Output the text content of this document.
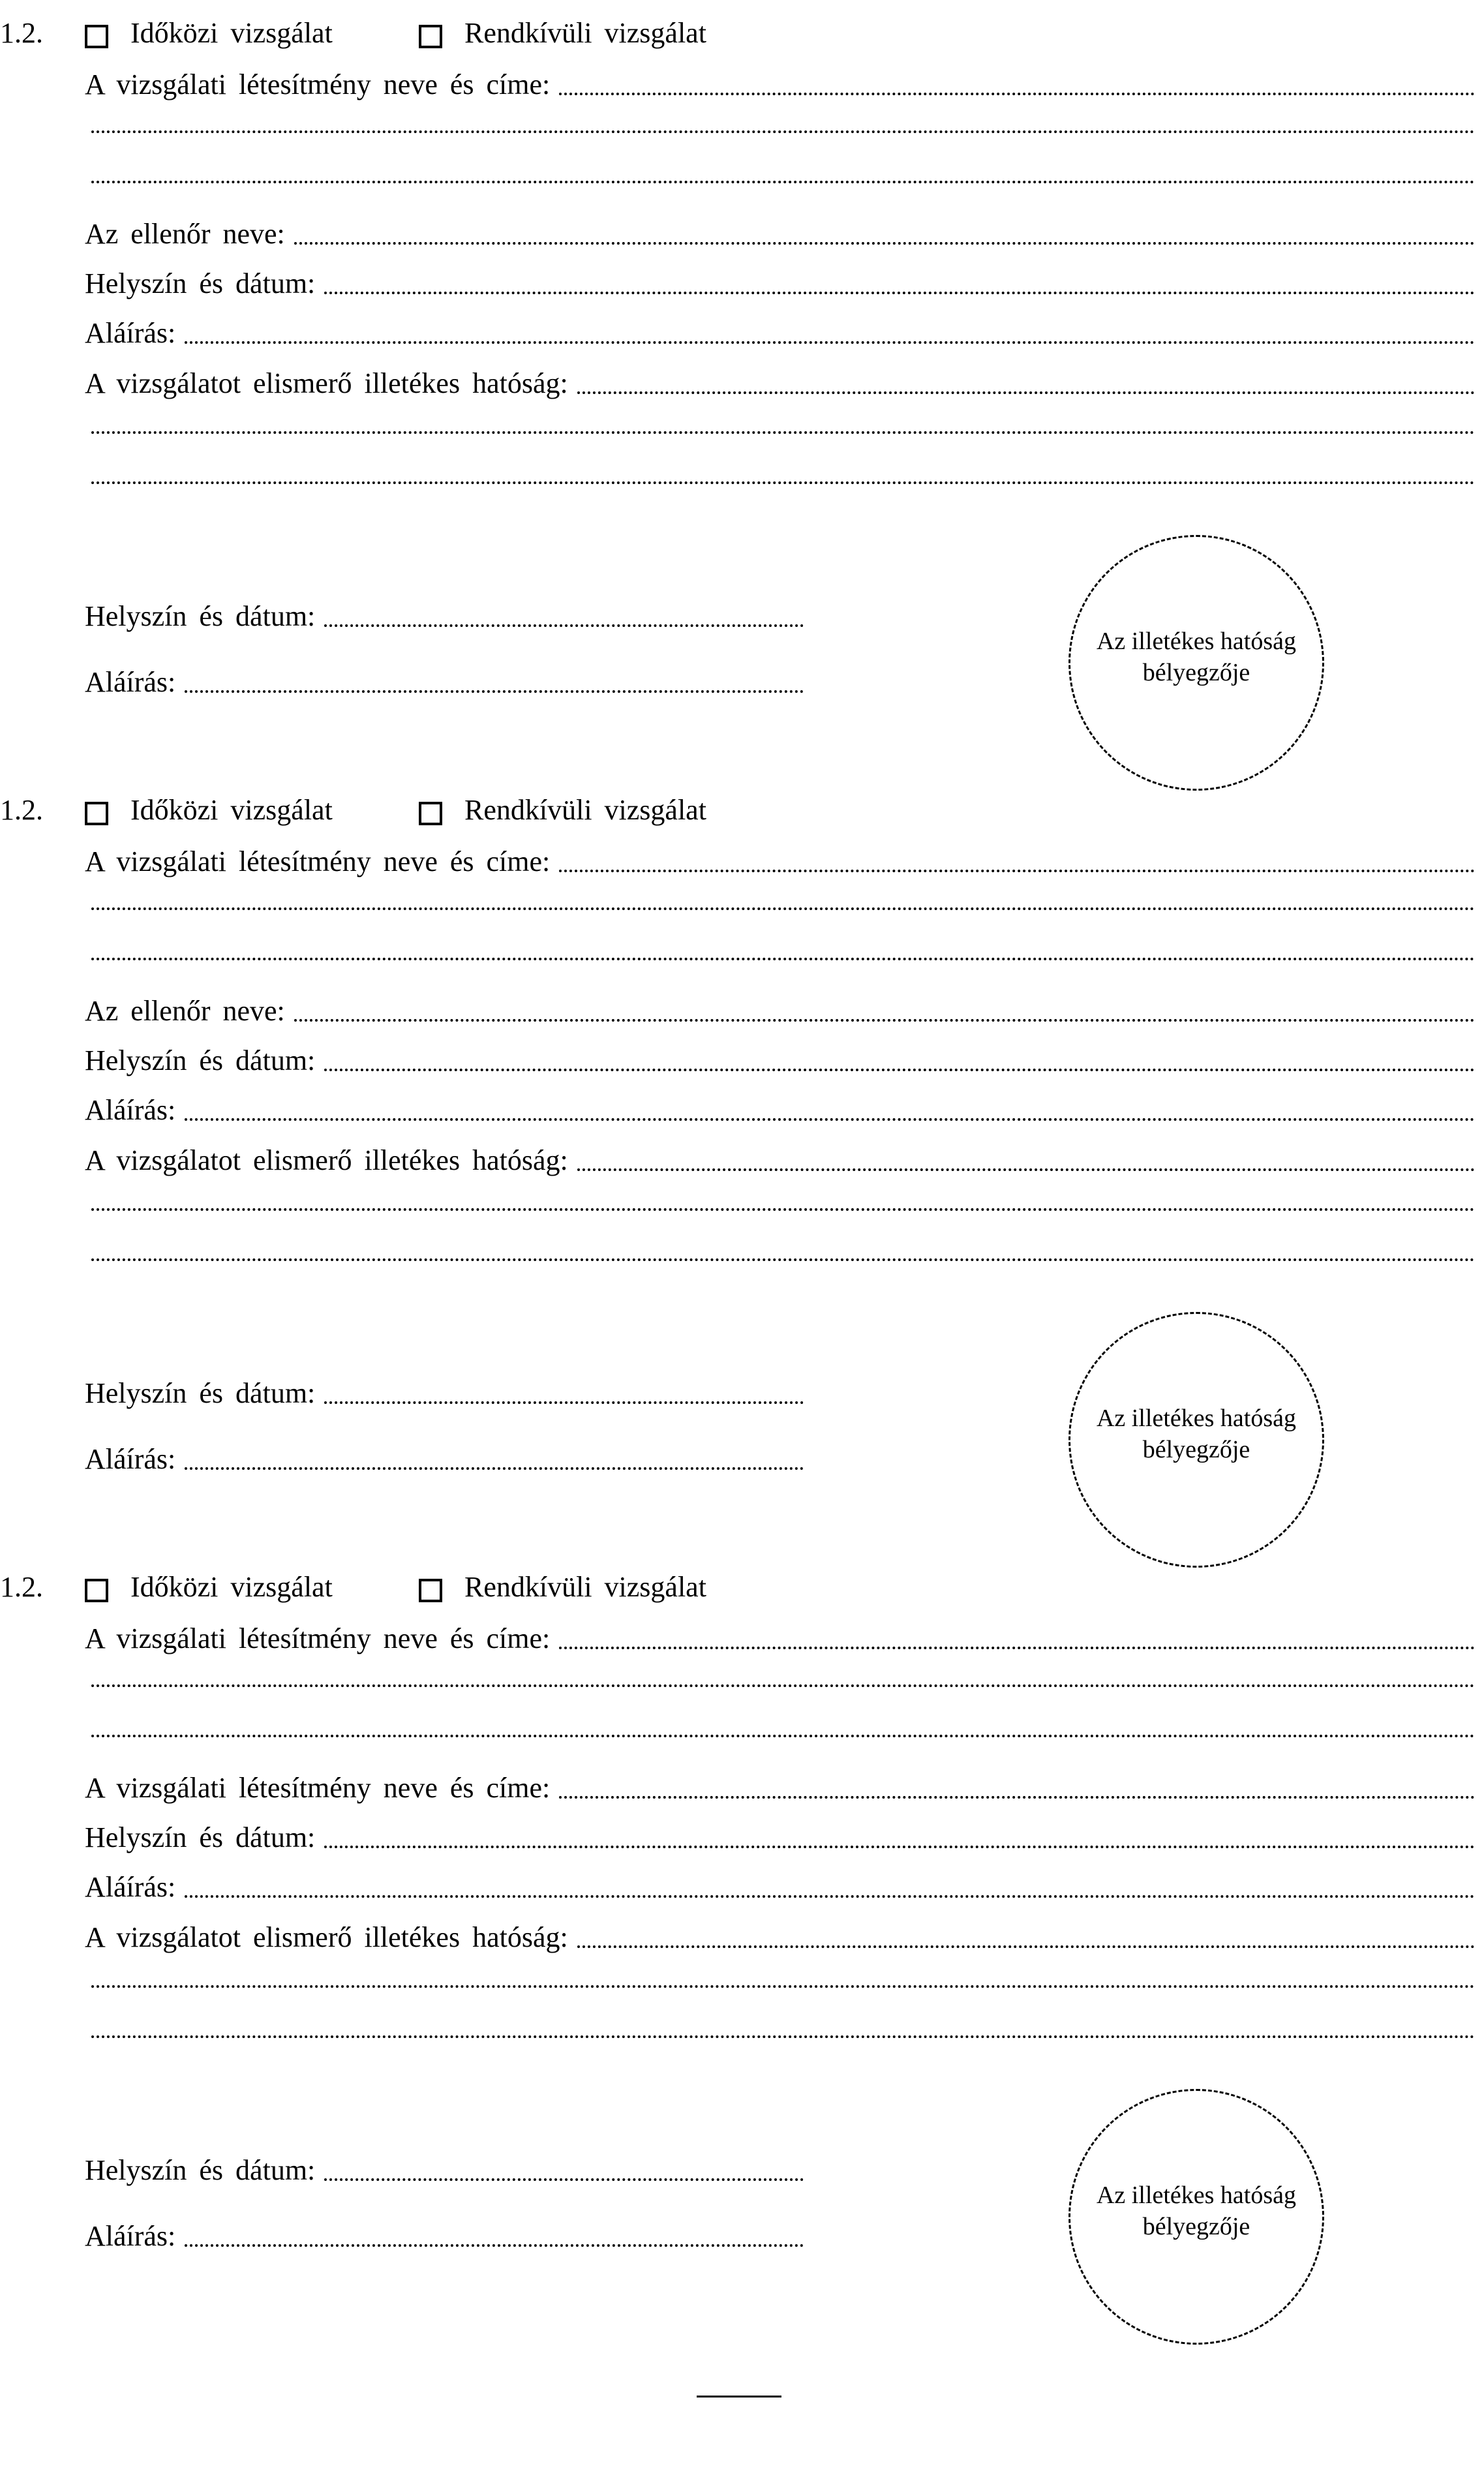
1.2.	Időközi vizsgálat	Rendkívüli vizsgálat
A vizsgálati létesítmény neve és címe:
Az ellenőr neve:
Helyszín és dátum:
Aláírás:
A vizsgálatot elismerő illetékes hatóság:
Helyszín és dátum:
Aláírás:
Az illetékes hatóság bélyegzője
1.2.	Időközi vizsgálat	Rendkívüli vizsgálat
A vizsgálati létesítmény neve és címe:
Az ellenőr neve:
Helyszín és dátum:
Aláírás:
A vizsgálatot elismerő illetékes hatóság:
Helyszín és dátum:
Aláírás:
Az illetékes hatóság bélyegzője
1.2.	Időközi vizsgálat	Rendkívüli vizsgálat
A vizsgálati létesítmény neve és címe:
A vizsgálati létesítmény neve és címe:
Helyszín és dátum:
Aláírás:
A vizsgálatot elismerő illetékes hatóság:
Helyszín és dátum:
Aláírás:
Az illetékes hatóság bélyegzője
